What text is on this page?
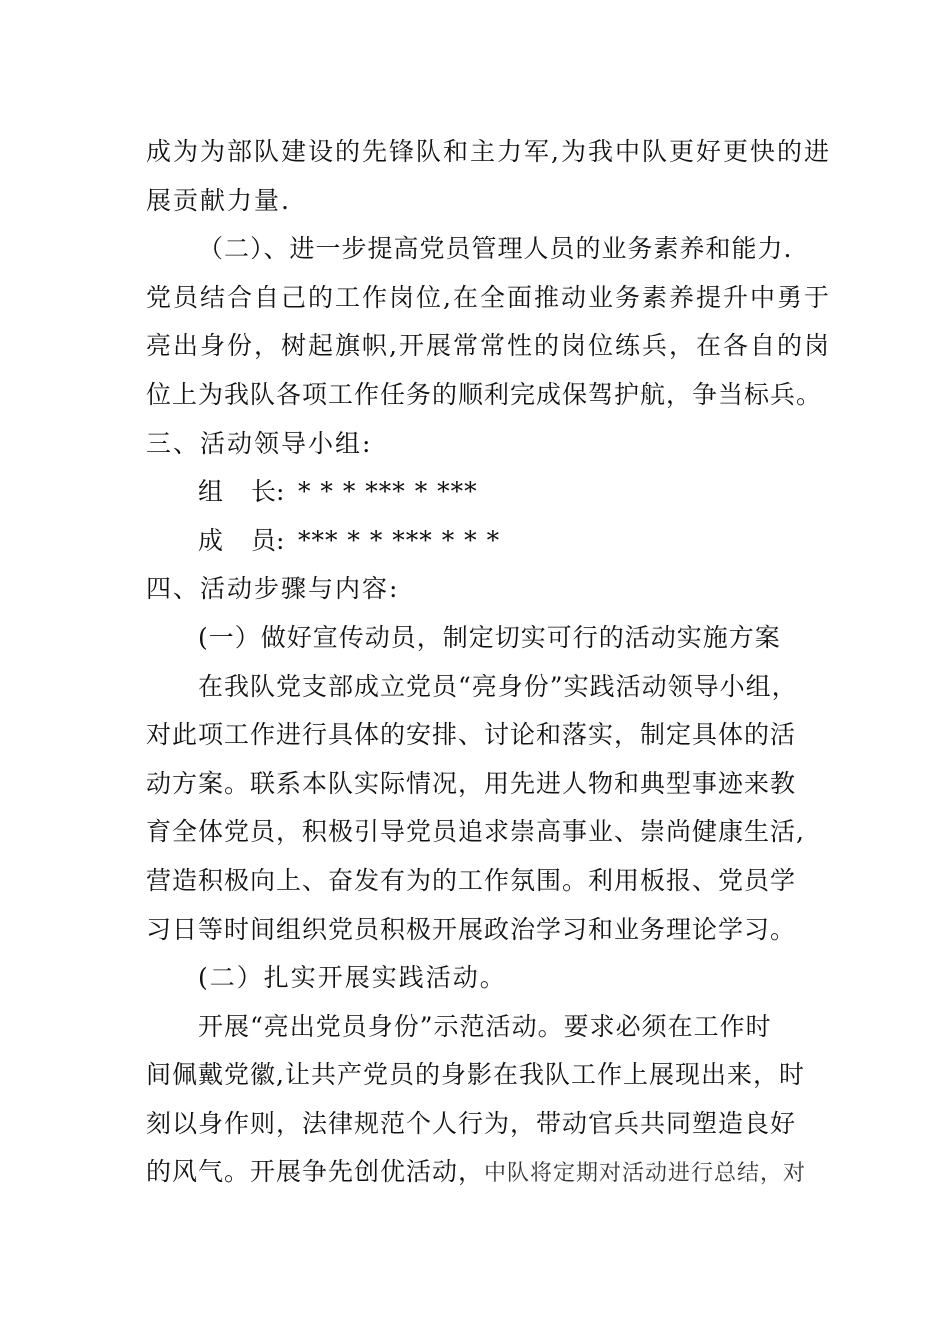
成为为部队建设的先锋队和主力军,为我中队更好更快的进
展贡献力量.
（二）、进一步提高党员管理人员的业务素养和能力.
党员结合自己的工作岗位,在全面推动业务素养提升中勇于
亮出身份，树起旗帜,开展常常性的岗位练兵，在各自的岗
位上为我队各项工作任务的顺利完成保驾护航，争当标兵。
三、活动领导小组:
组 长: * * * *** * ***
成 员: *** * * *** * * *
四、活动步骤与内容:
(一）做好宣传动员，制定切实可行的活动实施方案
在我队党支部成立党员“亮身份”实践活动领导小组，
对此项工作进行具体的安排、讨论和落实，制定具体的活
动方案。联系本队实际情况，用先进人物和典型事迹来教
育全体党员，积极引导党员追求崇高事业、崇尚健康生活,
营造积极向上、奋发有为的工作氛围。利用板报、党员学
习日等时间组织党员积极开展政治学习和业务理论学习。
(二）扎实开展实践活动。
开展“亮出党员身份”示范活动。要求必须在工作时
间佩戴党徽,让共产党员的身影在我队工作上展现出来，时
刻以身作则，法律规范个人行为，带动官兵共同塑造良好
的风气。开展争先创优活动，中队将定期对活动进行总结，对
